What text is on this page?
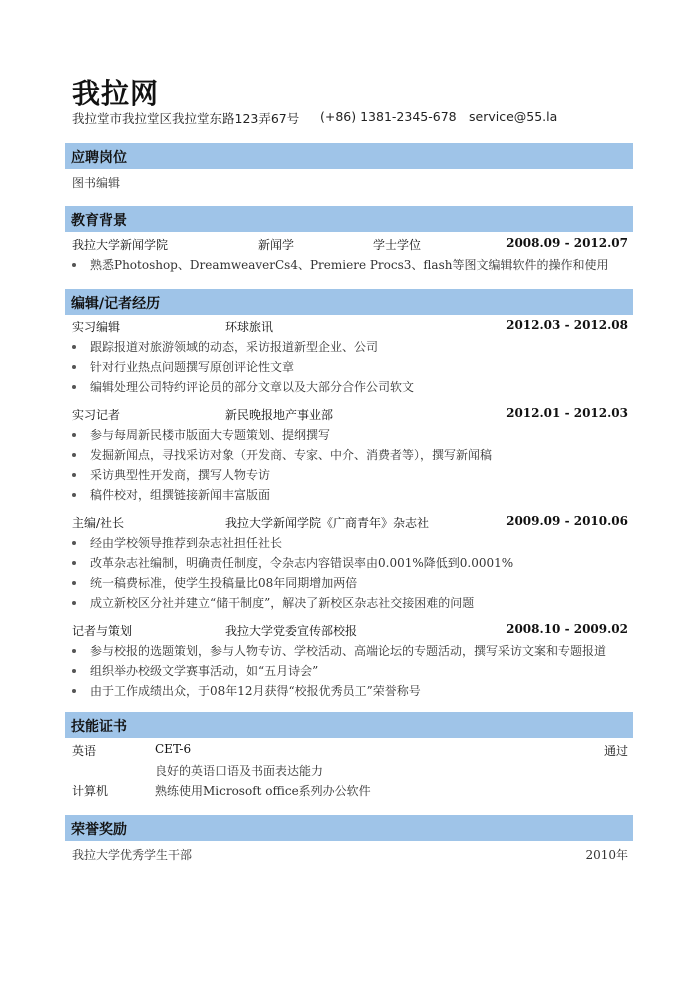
我拉网
我拉堂市我拉堂区我拉堂东路123弄67号 (+86) 1381-2345-678 service@55.la
应聘岗位
图书编辑
教育背景
我拉大学新闻学院	新闻学	学士学位	2008.09 - 2012.07
熟悉Photoshop、DreamweaverCs4、Premiere Procs3、flash等图文编辑软件的操作和使用
编辑/记者经历
实习编辑	环球旅讯	2012.03 - 2012.08
跟踪报道对旅游领域的动态，采访报道新型企业、公司
针对行业热点问题撰写原创评论性文章
编辑处理公司特约评论员的部分文章以及大部分合作公司软文
实习记者	新民晚报地产事业部	2012.01 - 2012.03
参与每周新民楼市版面大专题策划、提纲撰写
发掘新闻点，寻找采访对象（开发商、专家、中介、消费者等），撰写新闻稿
采访典型性开发商，撰写人物专访
稿件校对，组撰链接新闻丰富版面
主编/社长	我拉大学新闻学院《广商青年》杂志社	2009.09 - 2010.06
经由学校领导推荐到杂志社担任社长
改革杂志社编制，明确责任制度，令杂志内容错误率由0.001%降低到0.0001%
统一稿费标准，使学生投稿量比08年同期增加两倍
成立新校区分社并建立“储干制度”，解决了新校区杂志社交接困难的问题
记者与策划	我拉大学党委宣传部校报	2008.10 - 2009.02
参与校报的选题策划，参与人物专访、学校活动、高端论坛的专题活动，撰写采访文案和专题报道
组织举办校级文学赛事活动，如“五月诗会”
由于工作成绩出众，于08年12月获得“校报优秀员工”荣誉称号
技能证书
英语	CET-6	通过
良好的英语口语及书面表达能力
计算机	熟练使用Microsoft office系列办公软件
荣誉奖励
我拉大学优秀学生干部	2010年
